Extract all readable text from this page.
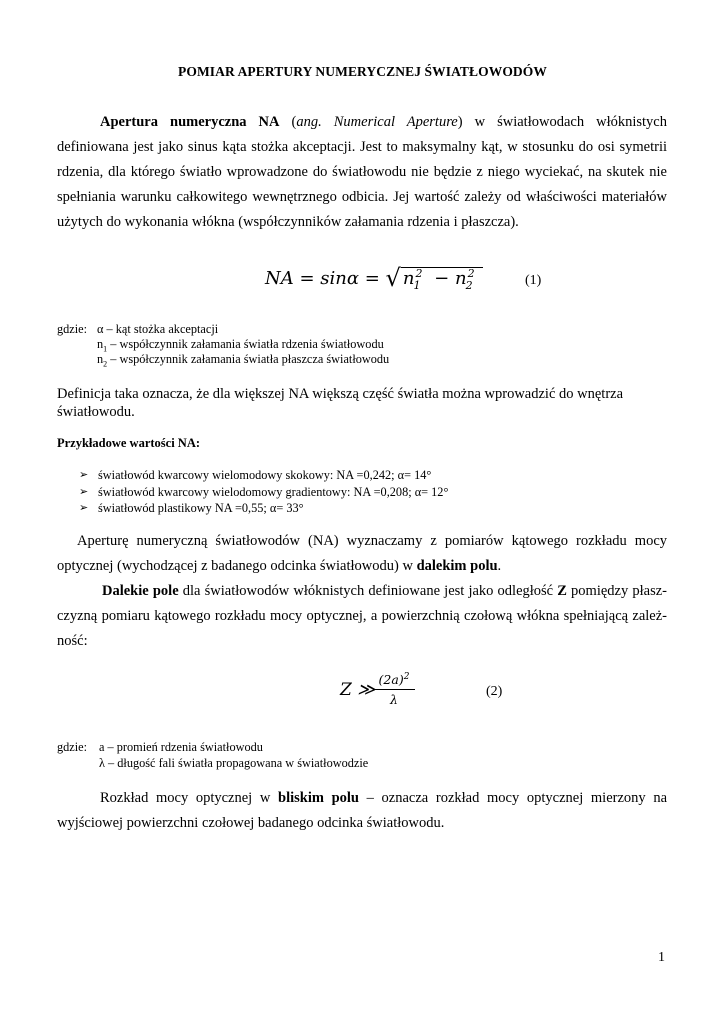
POMIAR APERTURY NUMERYCZNEJ ŚWIATŁOWODÓW
Apertura numeryczna NA (ang. Numerical Aperture) w światłowodach włóknistych definiowana jest jako sinus kąta stożka akceptacji. Jest to maksymalny kąt, w stosunku do osi symetrii rdzenia, dla którego światło wprowadzone do światłowodu nie będzie z niego wyciekać, na skutek nie spełniania warunku całkowitego wewnętrznego odbicia. Jej wartość zależy od właściwości materiałów użytych do wykonania włókna (współczynników załamania rdzenia i płaszcza).
NA = sinα = √ $n_1^2 - n_2^2$	(1)
gdzie: α – kąt stożka akceptacji
$n_1$ – współczynnik załamania światła rdzenia światłowodu
$n_2$ – współczynnik załamania światła płaszcza światłowodu
Definicja taka oznacza, że dla większej NA większą część światła można wprowadzić do wnętrza światłowodu.
Przykładowe wartości NA:
➢ światłowód kwarcowy wielomodowy skokowy: NA =0,242; α= 14°
➢ światłowód kwarcowy wielodomowy gradientowy: NA =0,208; α= 12°
➢ światłowód plastikowy NA =0,55; α= 33°
Aperturę numeryczną światłowodów (NA) wyznaczamy z pomiarów kątowego rozkładu mocy optycznej (wychodzącej z badanego odcinka światłowodu) w dalekim polu.
Dalekie pole dla światłowodów włóknistych definiowane jest jako odległość Z pomiędzy płasz-czyzną pomiaru kątowego rozkładu mocy optycznej, a powierzchnią czołową włókna spełniającą zależ-ność:
Z ≫
$\frac{(2a)^2}{\lambda}$	(2)
gdzie: a – promień rdzenia światłowodu
λ – długość fali światła propagowana w światłowodzie
Rozkład mocy optycznej w bliskim polu – oznacza rozkład mocy optycznej mierzony na wyjściowej powierzchni czołowej badanego odcinka światłowodu.
1
